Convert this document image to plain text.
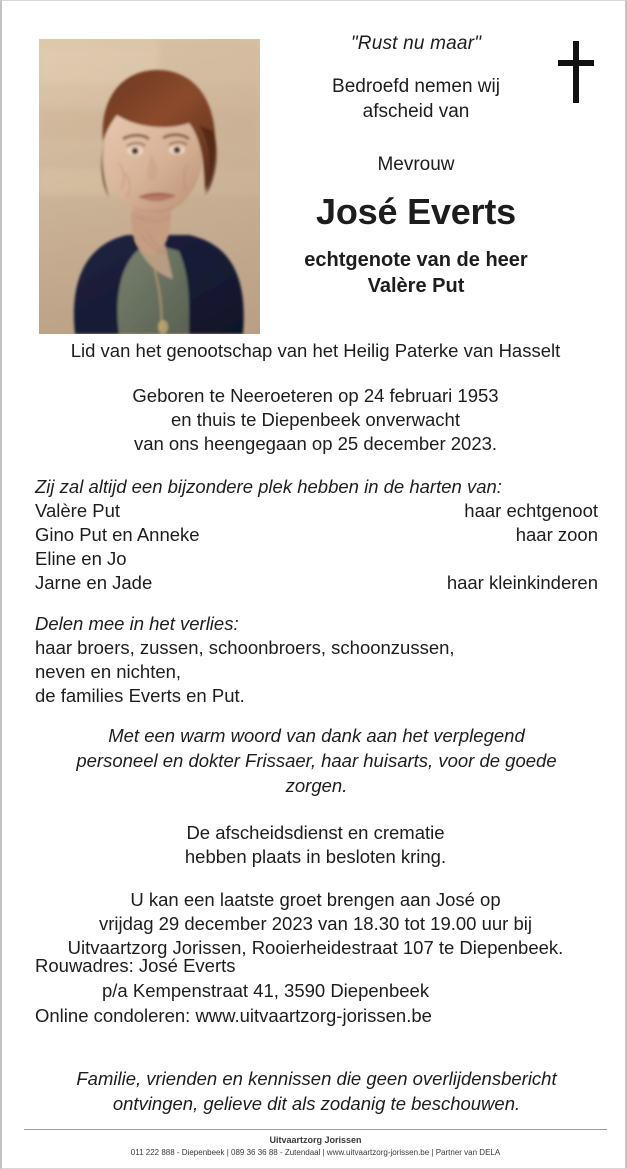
"Rust nu maar"
Bedroefd nemen wij
afscheid van
Mevrouw
José Everts
echtgenote van de heer
Valère Put
Lid van het genootschap van het Heilig Paterke van Hasselt
Geboren te Neeroeteren op 24 februari 1953
en thuis te Diepenbeek onverwacht
van ons heengegaan op 25 december 2023.
Zij zal altijd een bijzondere plek hebben in de harten van:
Valère Put	haar echtgenoot
Gino Put en Anneke	haar zoon
Eline en Jo
Jarne en Jade	haar kleinkinderen
Delen mee in het verlies:
haar broers, zussen, schoonbroers, schoonzussen,
neven en nichten,
de families Everts en Put.
Met een warm woord van dank aan het verplegend
personeel en dokter Frissaer, haar huisarts, voor de goede
zorgen.
De afscheidsdienst en crematie
hebben plaats in besloten kring.
U kan een laatste groet brengen aan José op
vrijdag 29 december 2023 van 18.30 tot 19.00 uur bij
Uitvaartzorg Jorissen, Rooierheidestraat 107 te Diepenbeek.
Rouwadres: José Everts
p/a Kempenstraat 41, 3590 Diepenbeek
Online condoleren: www.uitvaartzorg-jorissen.be
Familie, vrienden en kennissen die geen overlijdensbericht
ontvingen, gelieve dit als zodanig te beschouwen.
Uitvaartzorg Jorissen
011 222 888 - Diepenbeek | 089 36 36 88 - Zutendaal | www.uitvaartzorg-jorissen.be | Partner van DELA
